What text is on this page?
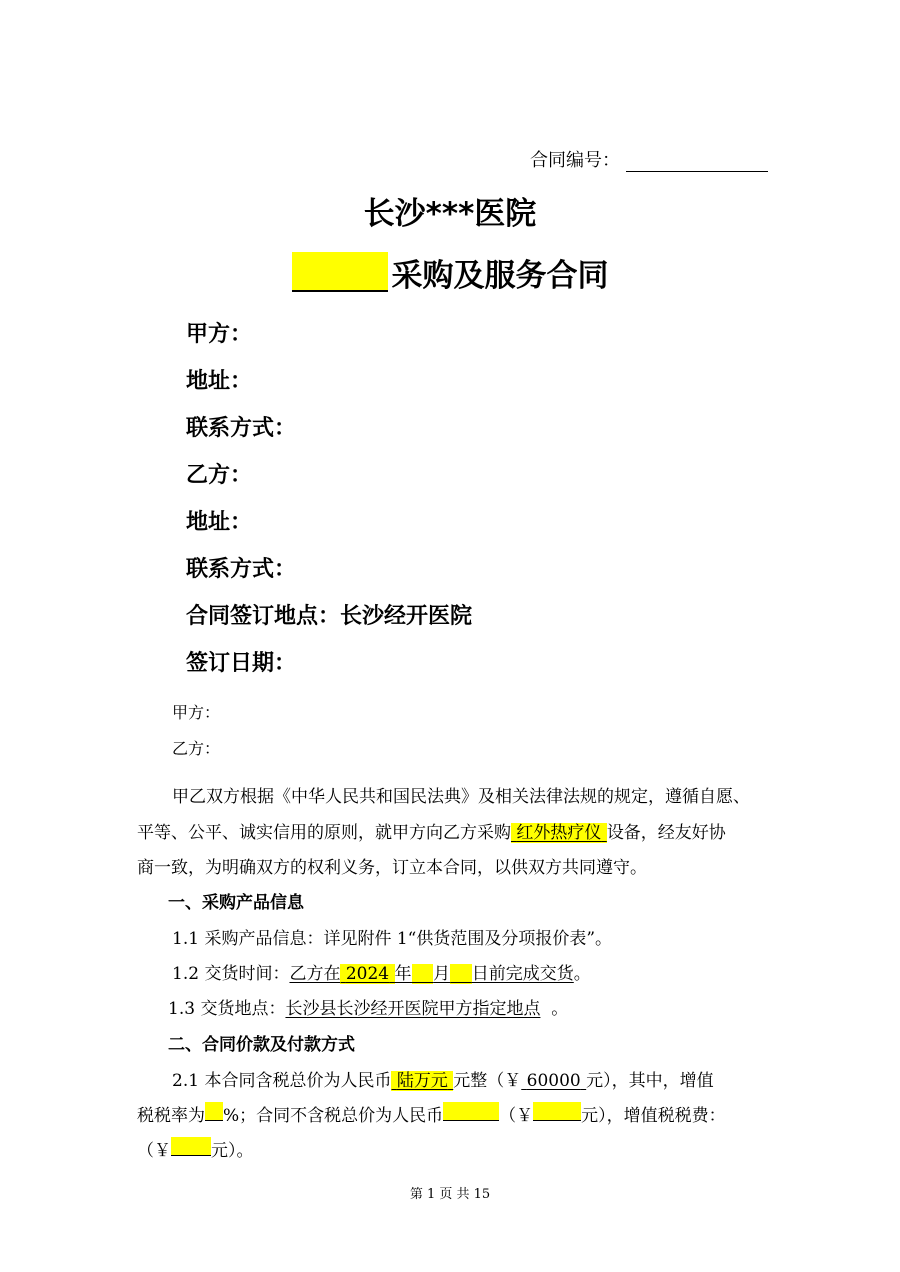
合同编号：
长沙***医院
采购及服务合同
甲方：
地址：
联系方式：
乙方：
地址：
联系方式：
合同签订地点：长沙经开医院
签订日期：
甲方：
乙方：
甲乙双方根据《中华人民共和国民法典》及相关法律法规的规定，遵循自愿、
平等、公平、诚实信用的原则，就甲方向乙方采购 红外热疗仪 设备，经友好协
商一致，为明确双方的权利义务，订立本合同，以供双方共同遵守。
一、采购产品信息
1.1 采购产品信息：详见附件 1“供货范围及分项报价表”。
1.2 交货时间：乙方在 2024 年 月 日前完成交货。
1.3 交货地点：长沙县长沙经开医院甲方指定地点 。
二、合同价款及付款方式
2.1 本合同含税总价为人民币 陆万元 元整（￥ 60000 元），其中，增值
税税率为 %；合同不含税总价为人民币	（￥	元），增值税税费：
（￥ 元）。
第 1 页 共 15
